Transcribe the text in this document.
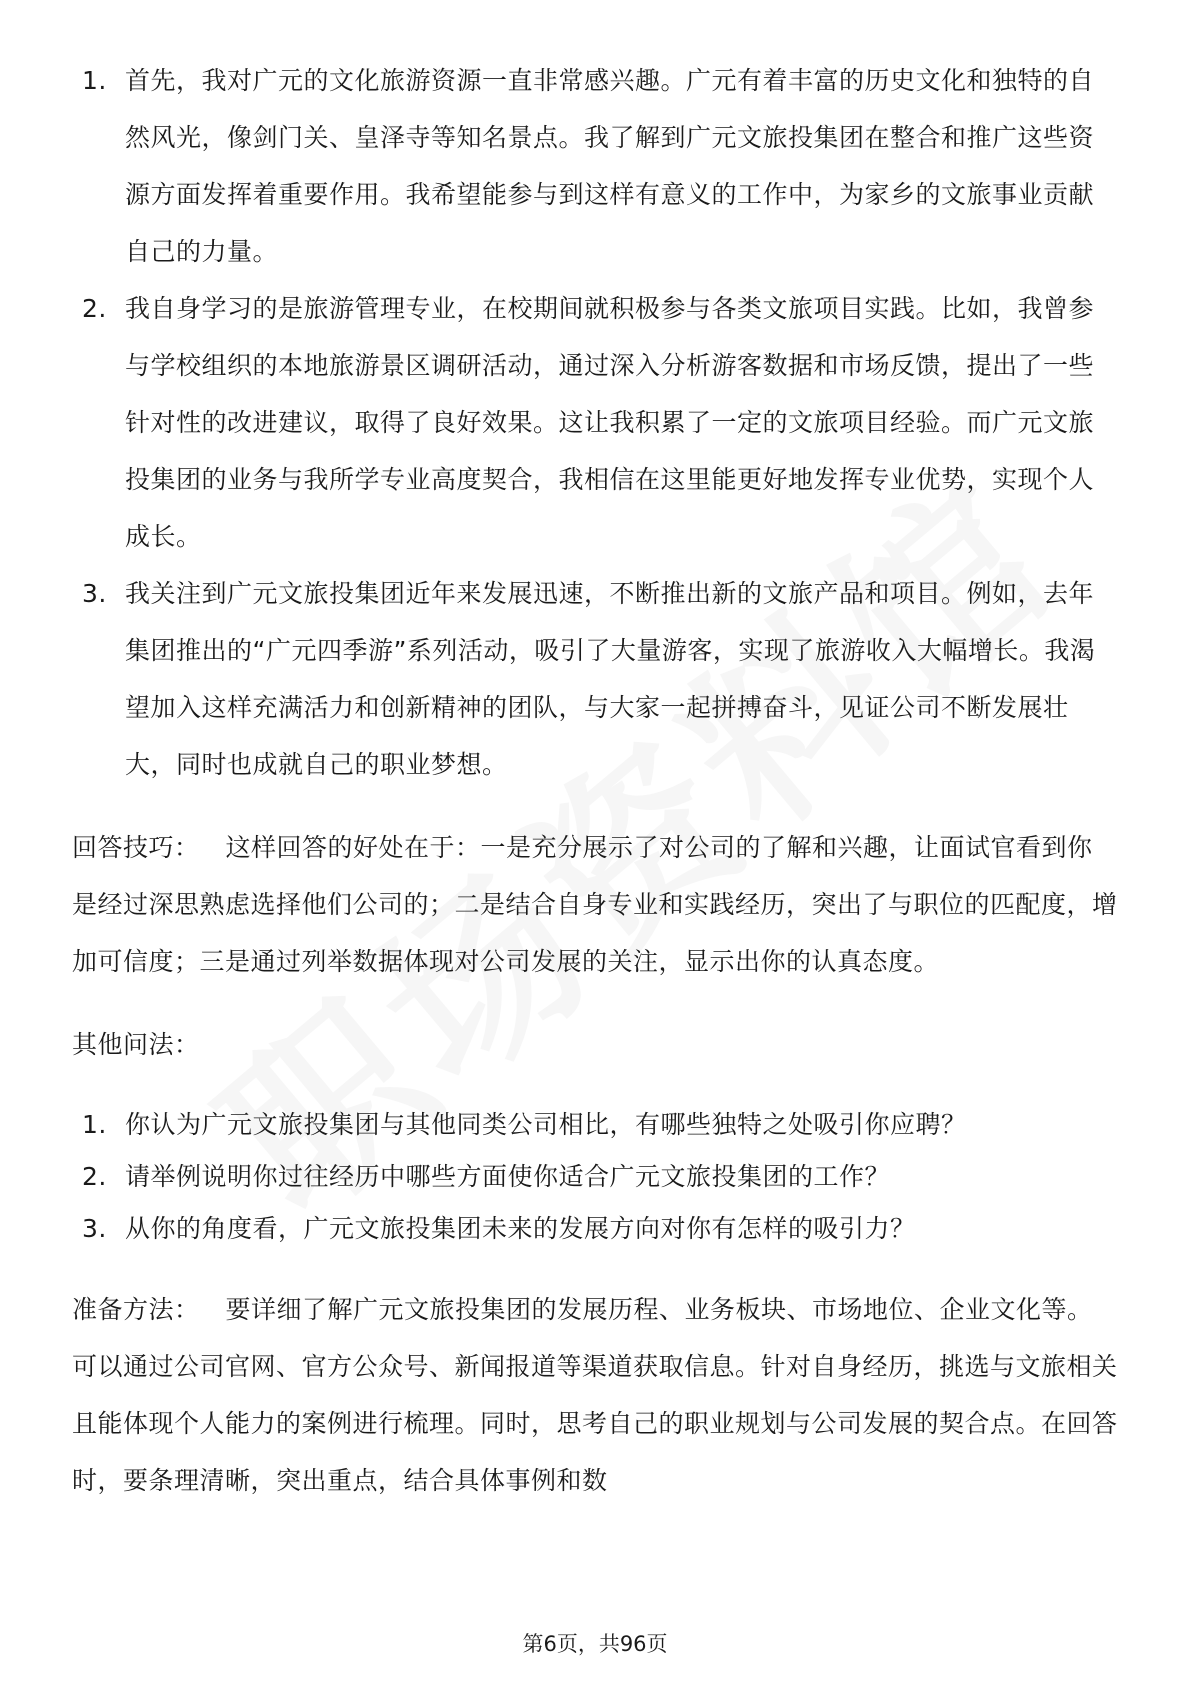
1. 首先，我对广元的文化旅游资源一直非常感兴趣。广元有着丰富的历史文化和独特的自然风光，像剑门关、皇泽寺等知名景点。我了解到广元文旅投集团在整合和推广这些资源方面发挥着重要作用。我希望能参与到这样有意义的工作中，为家乡的文旅事业贡献自己的力量。
2. 我自身学习的是旅游管理专业，在校期间就积极参与各类文旅项目实践。比如，我曾参与学校组织的本地旅游景区调研活动，通过深入分析游客数据和市场反馈，提出了一些针对性的改进建议，取得了良好效果。这让我积累了一定的文旅项目经验。而广元文旅投集团的业务与我所学专业高度契合，我相信在这里能更好地发挥专业优势，实现个人成长。
3. 我关注到广元文旅投集团近年来发展迅速，不断推出新的文旅产品和项目。例如，去年集团推出的“广元四季游”系列活动，吸引了大量游客，实现了旅游收入大幅增长。我渴望加入这样充满活力和创新精神的团队，与大家一起拼搏奋斗，见证公司不断发展壮大，同时也成就自己的职业梦想。

回答技巧： 这样回答的好处在于：一是充分展示了对公司的了解和兴趣，让面试官看到你是经过深思熟虑选择他们公司的；二是结合自身专业和实践经历，突出了与职位的匹配度，增加可信度；三是通过列举数据体现对公司发展的关注，显示出你的认真态度。

其他问法：

1. 你认为广元文旅投集团与其他同类公司相比，有哪些独特之处吸引你应聘？
2. 请举例说明你过往经历中哪些方面使你适合广元文旅投集团的工作？
3. 从你的角度看，广元文旅投集团未来的发展方向对你有怎样的吸引力？

准备方法： 要详细了解广元文旅投集团的发展历程、业务板块、市场地位、企业文化等。可以通过公司官网、官方公众号、新闻报道等渠道获取信息。针对自身经历，挑选与文旅相关且能体现个人能力的案例进行梳理。同时，思考自己的职业规划与公司发展的契合点。在回答时，要条理清晰，突出重点，结合具体事例和数

第6页，共96页
